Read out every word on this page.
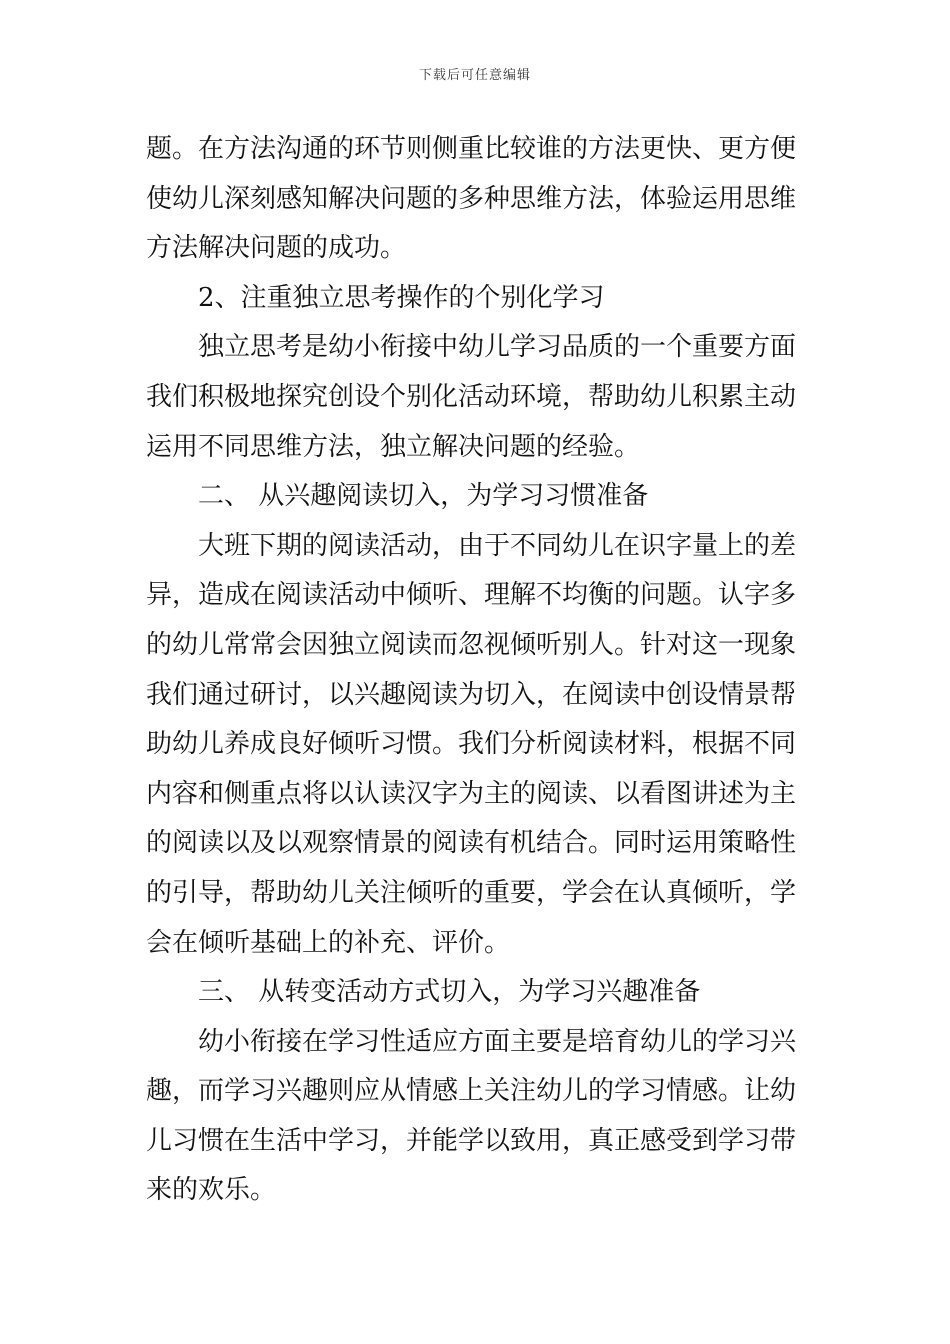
下载后可任意编辑
题。在方法沟通的环节则侧重比较谁的方法更快、更方便
使幼儿深刻感知解决问题的多种思维方法，体验运用思维
方法解决问题的成功。
2、注重独立思考操作的个别化学习
独立思考是幼小衔接中幼儿学习品质的一个重要方面
我们积极地探究创设个别化活动环境，帮助幼儿积累主动
运用不同思维方法，独立解决问题的经验。
二、 从兴趣阅读切入，为学习习惯准备
大班下期的阅读活动，由于不同幼儿在识字量上的差
异，造成在阅读活动中倾听、理解不均衡的问题。认字多
的幼儿常常会因独立阅读而忽视倾听别人。针对这一现象
我们通过研讨，以兴趣阅读为切入，在阅读中创设情景帮
助幼儿养成良好倾听习惯。我们分析阅读材料，根据不同
内容和侧重点将以认读汉字为主的阅读、以看图讲述为主
的阅读以及以观察情景的阅读有机结合。同时运用策略性
的引导，帮助幼儿关注倾听的重要，学会在认真倾听，学
会在倾听基础上的补充、评价。
三、 从转变活动方式切入，为学习兴趣准备
幼小衔接在学习性适应方面主要是培育幼儿的学习兴
趣，而学习兴趣则应从情感上关注幼儿的学习情感。让幼
儿习惯在生活中学习，并能学以致用，真正感受到学习带
来的欢乐。
